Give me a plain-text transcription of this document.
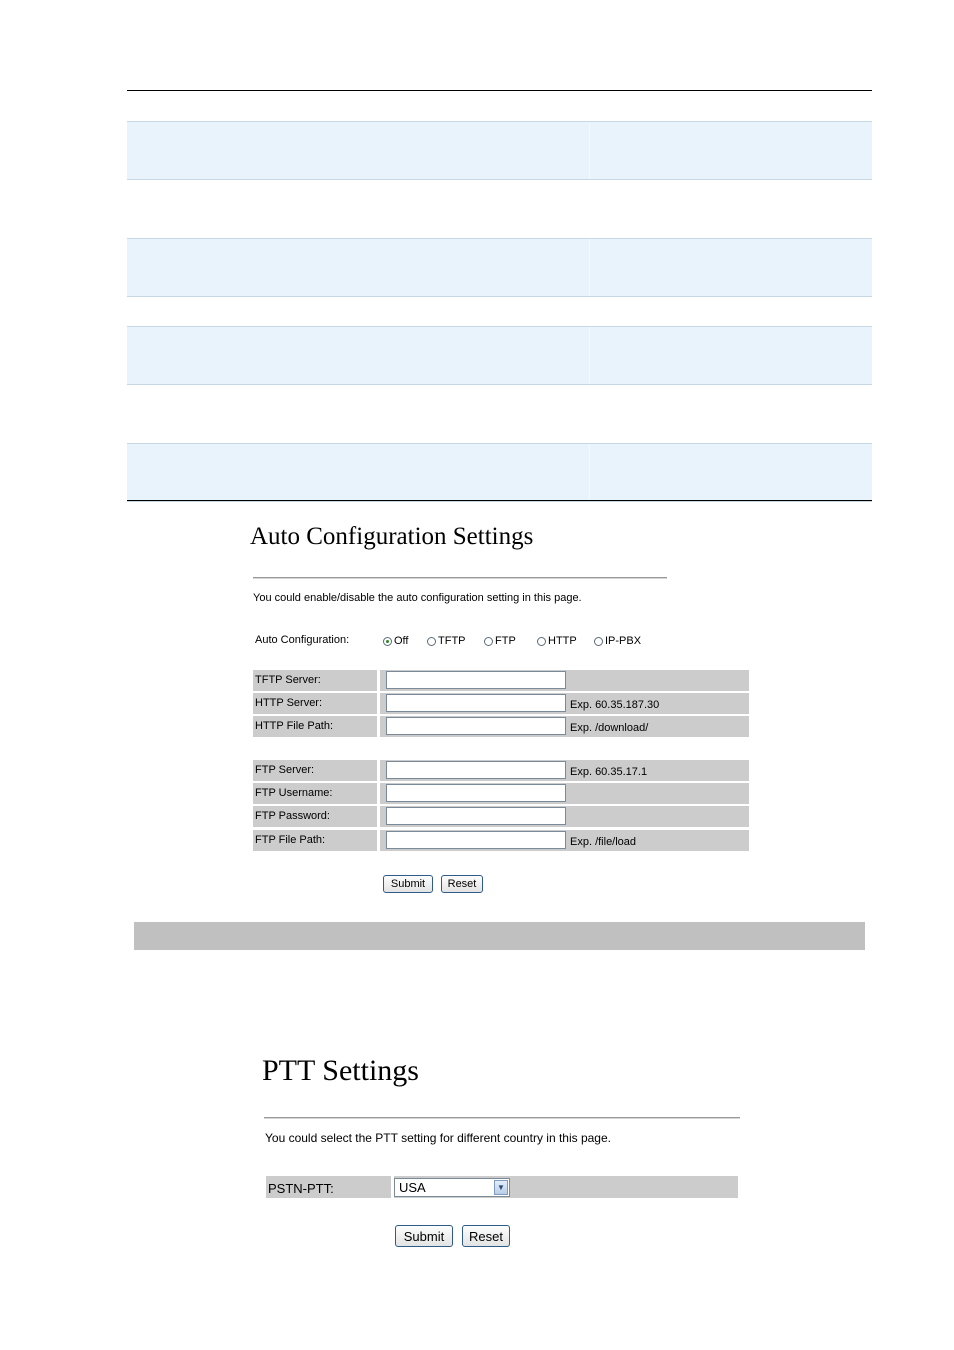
Auto Configuration Settings
You could enable/disable the auto configuration setting in this page.
Auto Configuration:	Off	TFTP	FTP	HTTP	IP-PBX
TFTP Server:
HTTP Server:	Exp. 60.35.187.30
HTTP File Path:	Exp. /download/
FTP Server:	Exp. 60.35.17.1
FTP Username:
FTP Password:
FTP File Path:	Exp. /file/load
Submit	Reset
PTT Settings
You could select the PTT setting for different country in this page.
PSTN-PTT:	USA	▼
Submit	Reset
